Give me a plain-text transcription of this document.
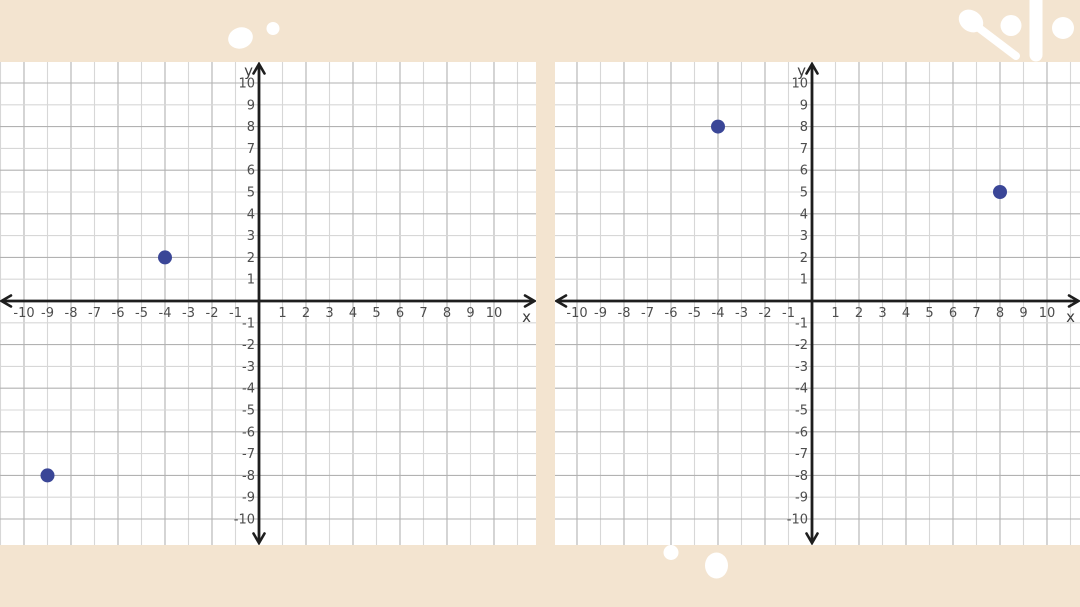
-10 -9 -8 -7 -6 -5 -4 -3 -2 -1	1 2 3 4 5 6 7 8 9 10
10
9
8
7
6
5
4
3
2
1
-1
-2
-3
-4
-5
-6
-7
-8
-9
-10
y
x	-10 -9 -8 -7 -6 -5 -4 -3 -2 -1	1 2 3 4 5 6 7 8 9 10
10
9
8
7
6
5
4
3
2
1
-1
-2
-3
-4
-5
-6
-7
-8
-9
-10
y
x
